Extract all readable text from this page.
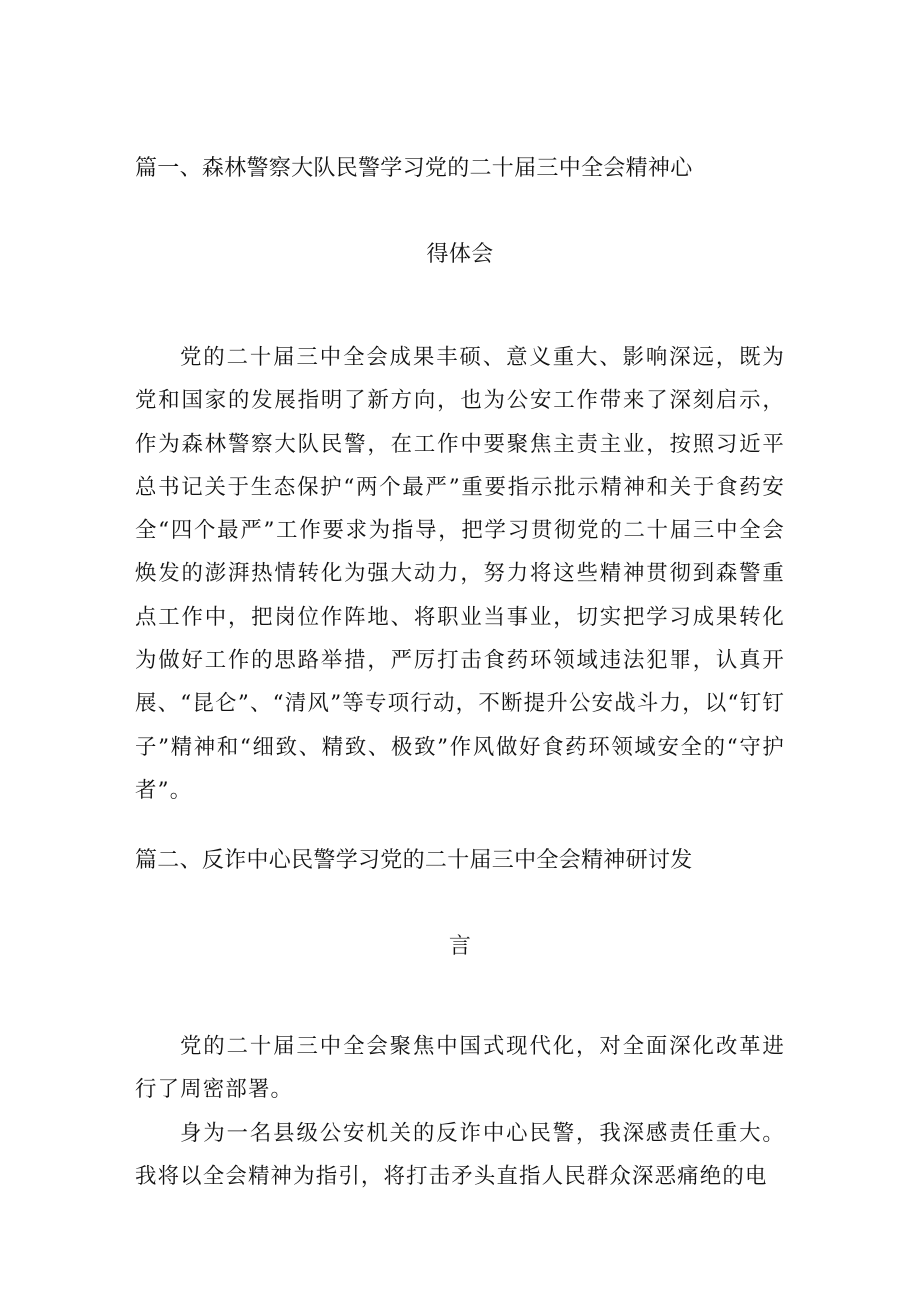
篇一、森林警察大队民警学习党的二十届三中全会精神心
得体会

党的二十届三中全会成果丰硕、意义重大、影响深远，既为党和国家的发展指明了新方向，也为公安工作带来了深刻启示，作为森林警察大队民警，在工作中要聚焦主责主业，按照习近平总书记关于生态保护“两个最严”重要指示批示精神和关于食药安全“四个最严”工作要求为指导，把学习贯彻党的二十届三中全会焕发的澎湃热情转化为强大动力，努力将这些精神贯彻到森警重点工作中，把岗位作阵地、将职业当事业，切实把学习成果转化为做好工作的思路举措，严厉打击食药环领域违法犯罪，认真开展、“昆仑”、“清风”等专项行动，不断提升公安战斗力，以“钉钉子”精神和“细致、精致、极致”作风做好食药环领域安全的“守护者”。

篇二、反诈中心民警学习党的二十届三中全会精神研讨发
言

党的二十届三中全会聚焦中国式现代化，对全面深化改革进行了周密部署。

身为一名县级公安机关的反诈中心民警，我深感责任重大。我将以全会精神为指引，将打击矛头直指人民群众深恶痛绝的电
